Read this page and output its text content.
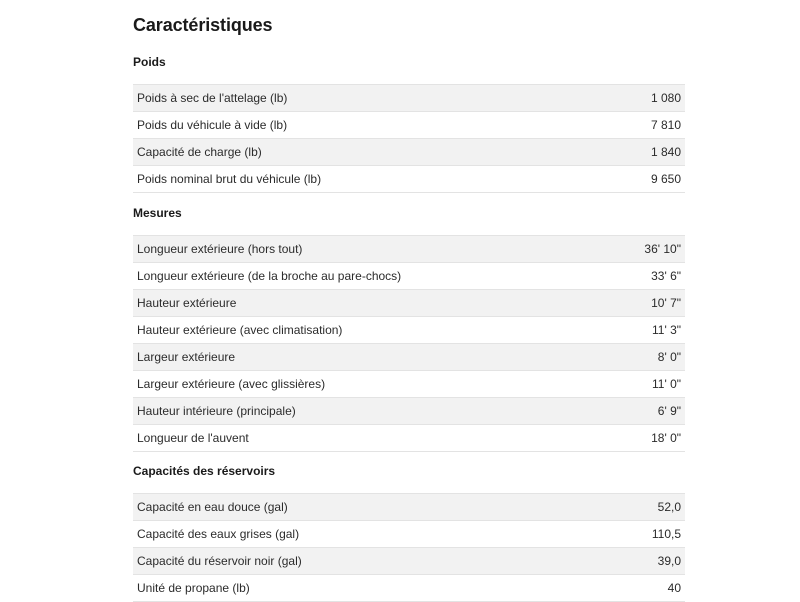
Caractéristiques
Poids
Poids à sec de l'attelage (lb)	1 080
Poids du véhicule à vide (lb)	7 810
Capacité de charge (lb)	1 840
Poids nominal brut du véhicule (lb)	9 650
Mesures
Longueur extérieure (hors tout)	36' 10"
Longueur extérieure (de la broche au pare-chocs)	33' 6"
Hauteur extérieure	10' 7"
Hauteur extérieure (avec climatisation)	11' 3"
Largeur extérieure	8' 0"
Largeur extérieure (avec glissières)	11' 0"
Hauteur intérieure (principale)	6' 9"
Longueur de l'auvent	18' 0"
Capacités des réservoirs
Capacité en eau douce (gal)	52,0
Capacité des eaux grises (gal)	110,5
Capacité du réservoir noir (gal)	39,0
Unité de propane (lb)	40
